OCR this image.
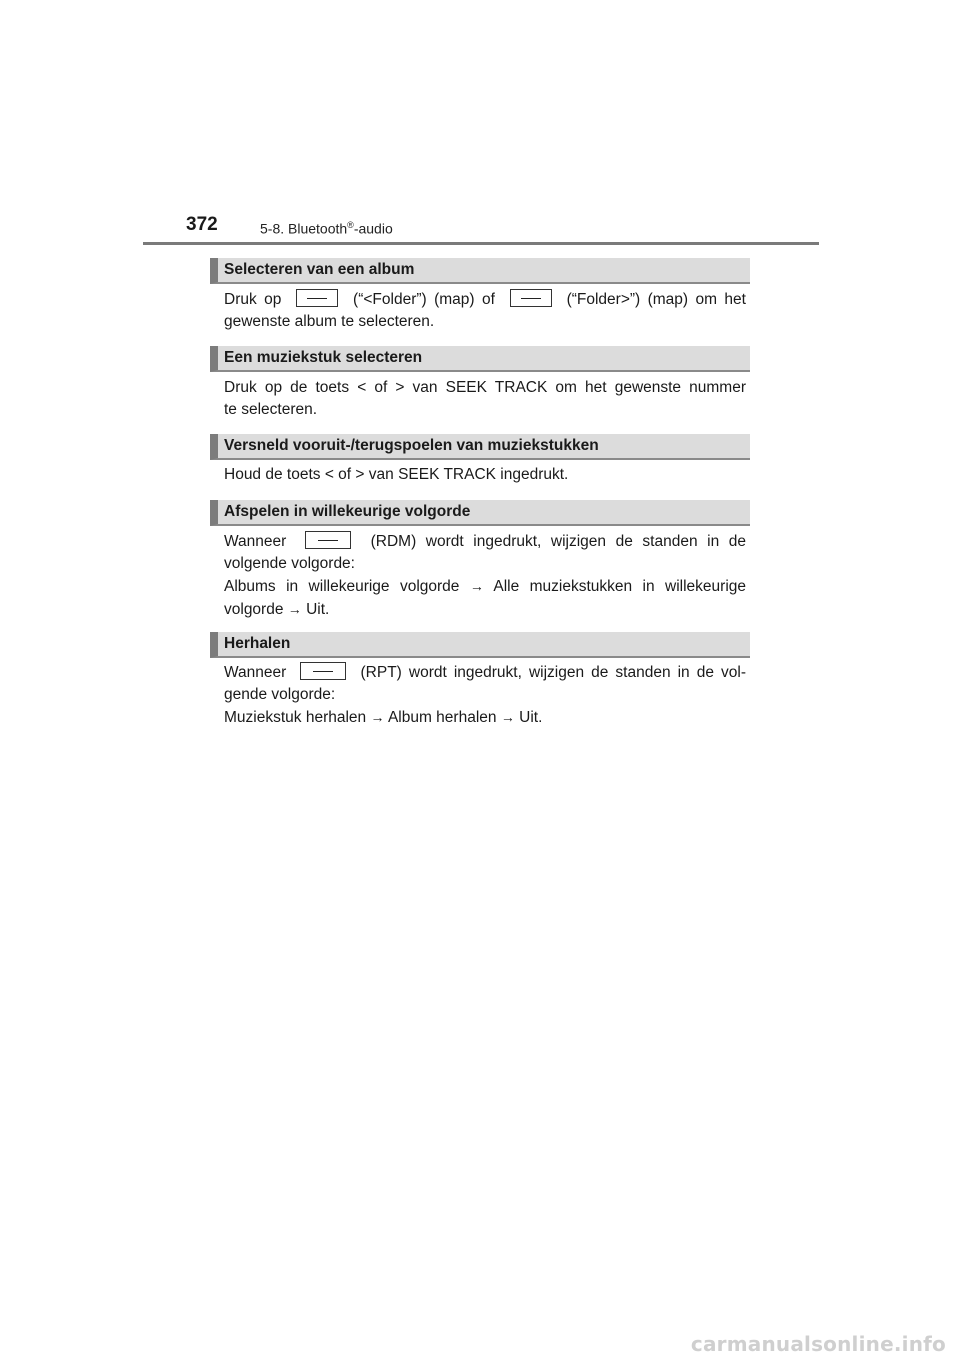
372	5-8. Bluetooth®-audio
Selecteren van een album
Druk op	(“<Folder”) (map) of	(“Folder>”) (map) om het
gewenste album te selecteren.
Een muziekstuk selecteren
Druk op de toets < of > van SEEK TRACK om het gewenste nummer
te selecteren.
Versneld vooruit-/terugspoelen van muziekstukken
Houd de toets < of > van SEEK TRACK ingedrukt.
Afspelen in willekeurige volgorde
Wanneer	(RDM) wordt ingedrukt, wijzigen de standen in de
volgende volgorde:
Albums in willekeurige volgorde → Alle muziekstukken in willekeurige
volgorde → Uit.
Herhalen
Wanneer	(RPT) wordt ingedrukt, wijzigen de standen in de vol-
gende volgorde:
Muziekstuk herhalen → Album herhalen → Uit.
carmanualsonline.info
